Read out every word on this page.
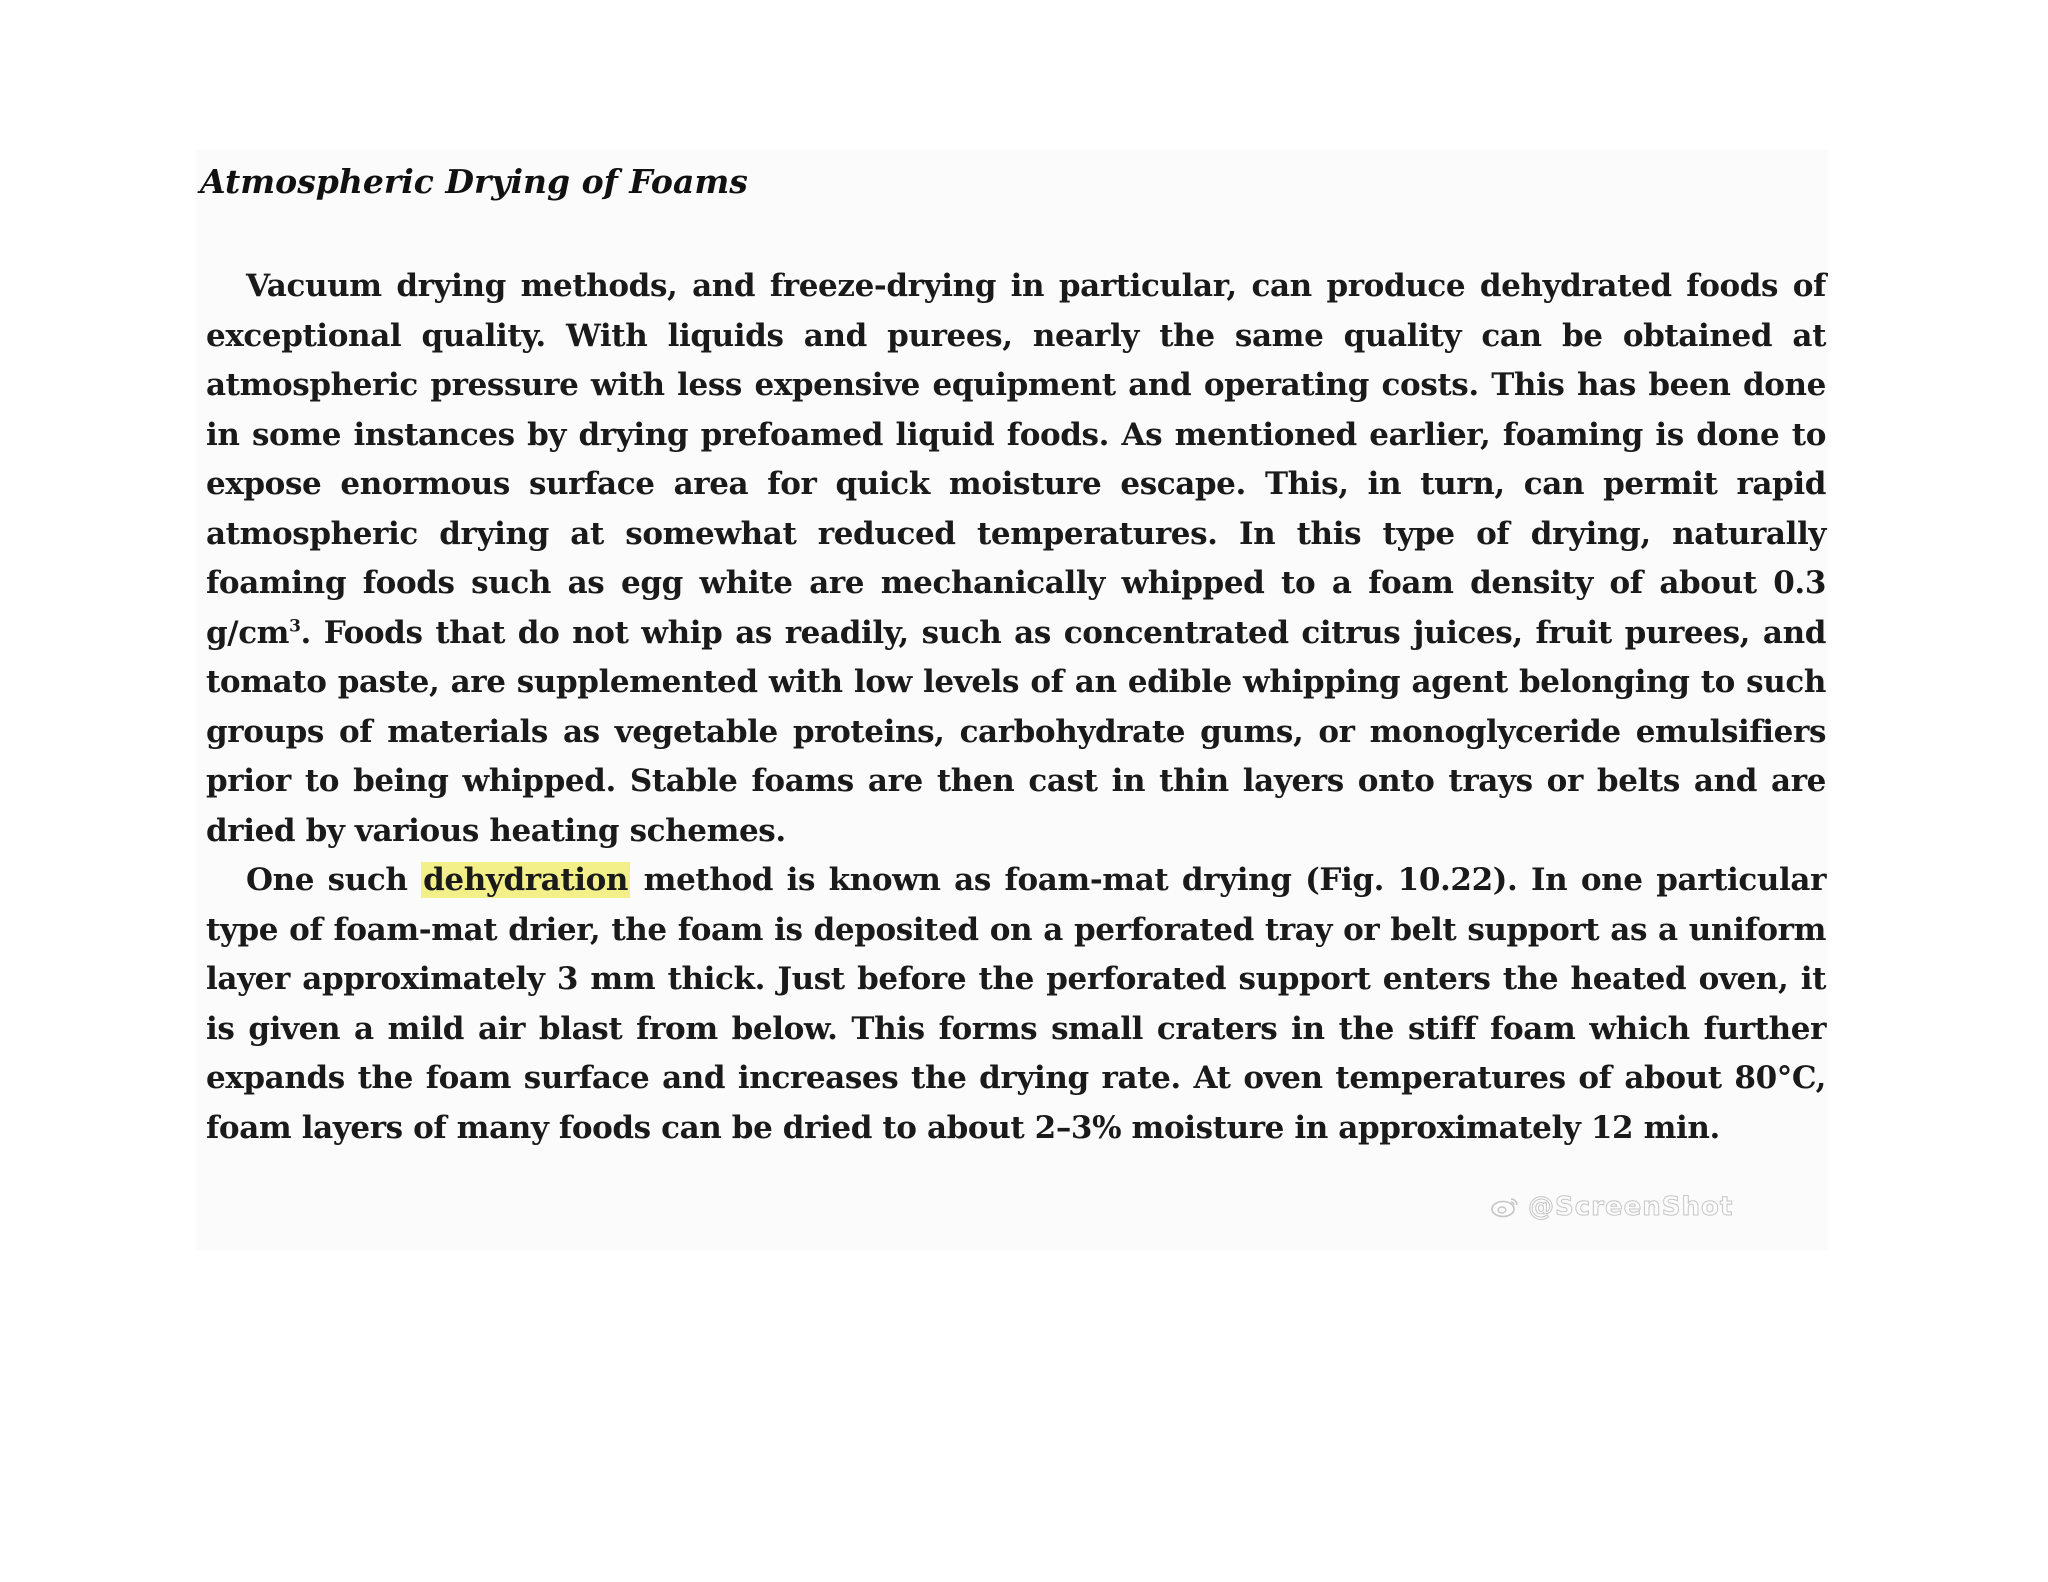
Atmospheric Drying of Foams

Vacuum drying methods, and freeze-drying in particular, can produce dehydrated foods of exceptional quality. With liquids and purees, nearly the same quality can be obtained at atmospheric pressure with less expensive equipment and operating costs. This has been done in some instances by drying prefoamed liquid foods. As mentioned earlier, foaming is done to expose enormous surface area for quick moisture escape. This, in turn, can permit rapid atmospheric drying at somewhat reduced temperatures. In this type of drying, naturally foaming foods such as egg white are mechanically whipped to a foam density of about 0.3 $g/cm^3$. Foods that do not whip as readily, such as concentrated citrus juices, fruit purees, and tomato paste, are supplemented with low levels of an edible whipping agent belonging to such groups of materials as vegetable proteins, carbohydrate gums, or monoglyceride emulsifiers prior to being whipped. Stable foams are then cast in thin layers onto trays or belts and are dried by various heating schemes.

One such dehydration method is known as foam-mat drying (Fig. 10.22). In one particular type of foam-mat drier, the foam is deposited on a perforated tray or belt support as a uniform layer approximately 3 mm thick. Just before the perforated support enters the heated oven, it is given a mild air blast from below. This forms small craters in the stiff foam which further expands the foam surface and increases the drying rate. At oven temperatures of about 80°C, foam layers of many foods can be dried to about 2–3% moisture in approximately 12 min.

@ScreenShot
